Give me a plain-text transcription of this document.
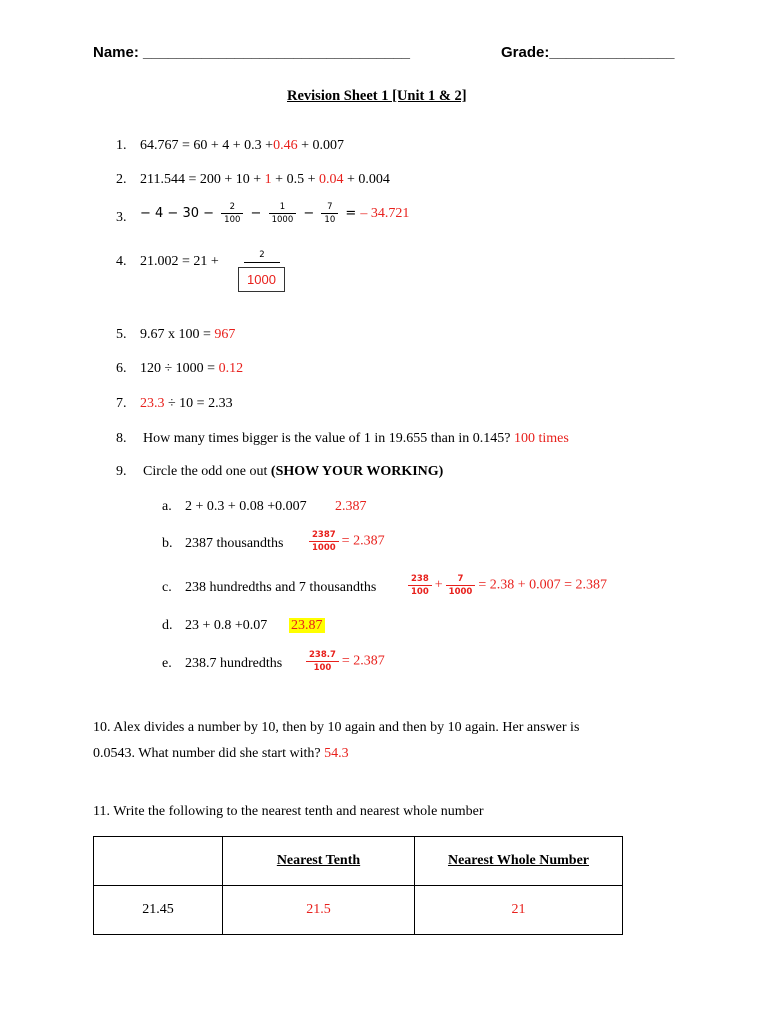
Name: ________________________________	Grade:_______________
Revision Sheet 1 [Unit 1 & 2]
1. 64.767 = 60 + 4 + 0.3 +0.46 + 0.007
2. 211.544 = 200 + 10 + 1 + 0.5 + 0.04 + 0.004
3. − $4 - 30 - \frac{2}{100} - \frac{1}{1000} - \frac{7}{10}$ = – 34.721
4. 21.002 = 21 +	2
1000
5. 9.67 x 100 = 967
6. 120 ÷ 1000 = 0.12
7. 23.3 ÷ 10 = 2.33
8. How many times bigger is the value of 1 in 19.655 than in 0.145? 100 times
9. Circle the odd one out (SHOW YOUR WORKING)
a. 2 + 0.3 + 0.08 +0.007 2.387
b. 2387 thousandths	$\frac{2387}{1000} = 2.387$
c. 238 hundredths and 7 thousandths	$\frac{238}{100} + \frac{7}{1000} = 2.38 + 0.007 = 2.387$
d. 23 + 0.8 +0.07 23.87
e. 238.7 hundredths	$\frac{238.7}{100} = 2.387$
10. Alex divides a number by 10, then by 10 again and then by 10 again. Her answer is
0.0543. What number did she start with? 54.3
11. Write the following to the nearest tenth and nearest whole number
	Nearest Tenth	Nearest Whole Number
21.45	21.5	21
